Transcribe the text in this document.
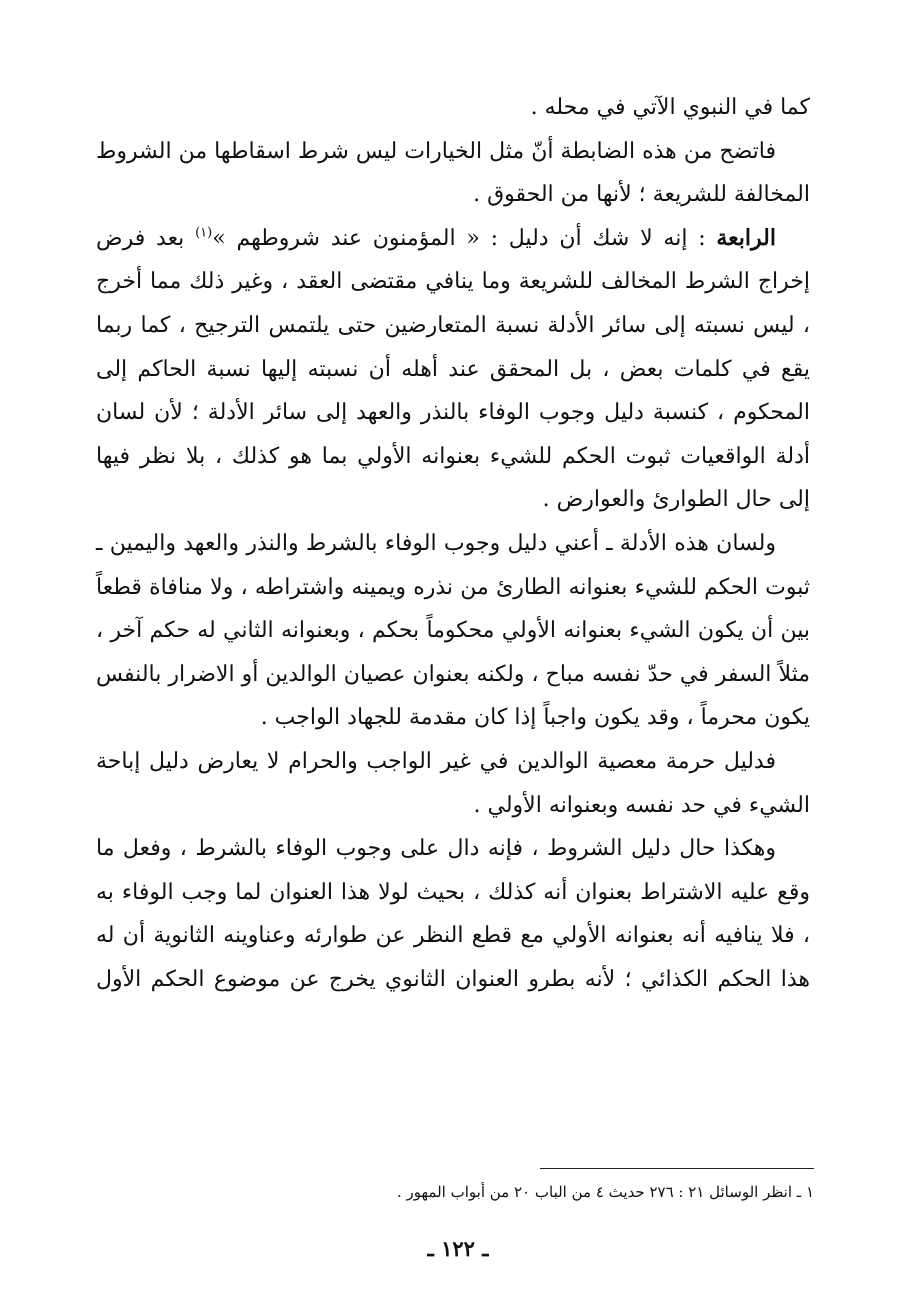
كما في النبوي الآتي في محله .

فاتضح من هذه الضابطة أنّ مثل الخيارات ليس شرط اسقاطها من الشروط المخالفة للشريعة ؛ لأنها من الحقوق .

الرابعة : إنه لا شك أن دليل : « المؤمنون عند شروطهم »$^{(١)}$ بعد فرض إخراج الشرط المخالف للشريعة وما ينافي مقتضى العقد ، وغير ذلك مما أخرج ، ليس نسبته إلى سائر الأدلة نسبة المتعارضين حتى يلتمس الترجيح ، كما ربما يقع في كلمات بعض ، بل المحقق عند أهله أن نسبته إليها نسبة الحاكم إلى المحكوم ، كنسبة دليل وجوب الوفاء بالنذر والعهد إلى سائر الأدلة ؛ لأن لسان أدلة الواقعيات ثبوت الحكم للشيء بعنوانه الأولي بما هو كذلك ، بلا نظر فيها إلى حال الطوارئ والعوارض .

ولسان هذه الأدلة ـ أعني دليل وجوب الوفاء بالشرط والنذر والعهد واليمين ـ ثبوت الحكم للشيء بعنوانه الطارئ من نذره ويمينه واشتراطه ، ولا منافاة قطعاً بين أن يكون الشيء بعنوانه الأولي محكوماً بحكم ، وبعنوانه الثاني له حكم آخر ، مثلاً السفر في حدّ نفسه مباح ، ولكنه بعنوان عصيان الوالدين أو الاضرار بالنفس يكون محرماً ، وقد يكون واجباً إذا كان مقدمة للجهاد الواجب .

فدليل حرمة معصية الوالدين في غير الواجب والحرام لا يعارض دليل إباحة الشيء في حد نفسه وبعنوانه الأولي .

وهكذا حال دليل الشروط ، فإنه دال على وجوب الوفاء بالشرط ، وفعل ما وقع عليه الاشتراط بعنوان أنه كذلك ، بحيث لولا هذا العنوان لما وجب الوفاء به ، فلا ينافيه أنه بعنوانه الأولي مع قطع النظر عن طوارئه وعناوينه الثانوية أن له هذا الحكم الكذائي ؛ لأنه بطرو العنوان الثانوي يخرج عن موضوع الحكم الأول

١ ـ انظر الوسائل ٢١ : ٢٧٦ حديث ٤ من الباب ٢٠ من أبواب المهور .
ـ ١٢٢ ـ
